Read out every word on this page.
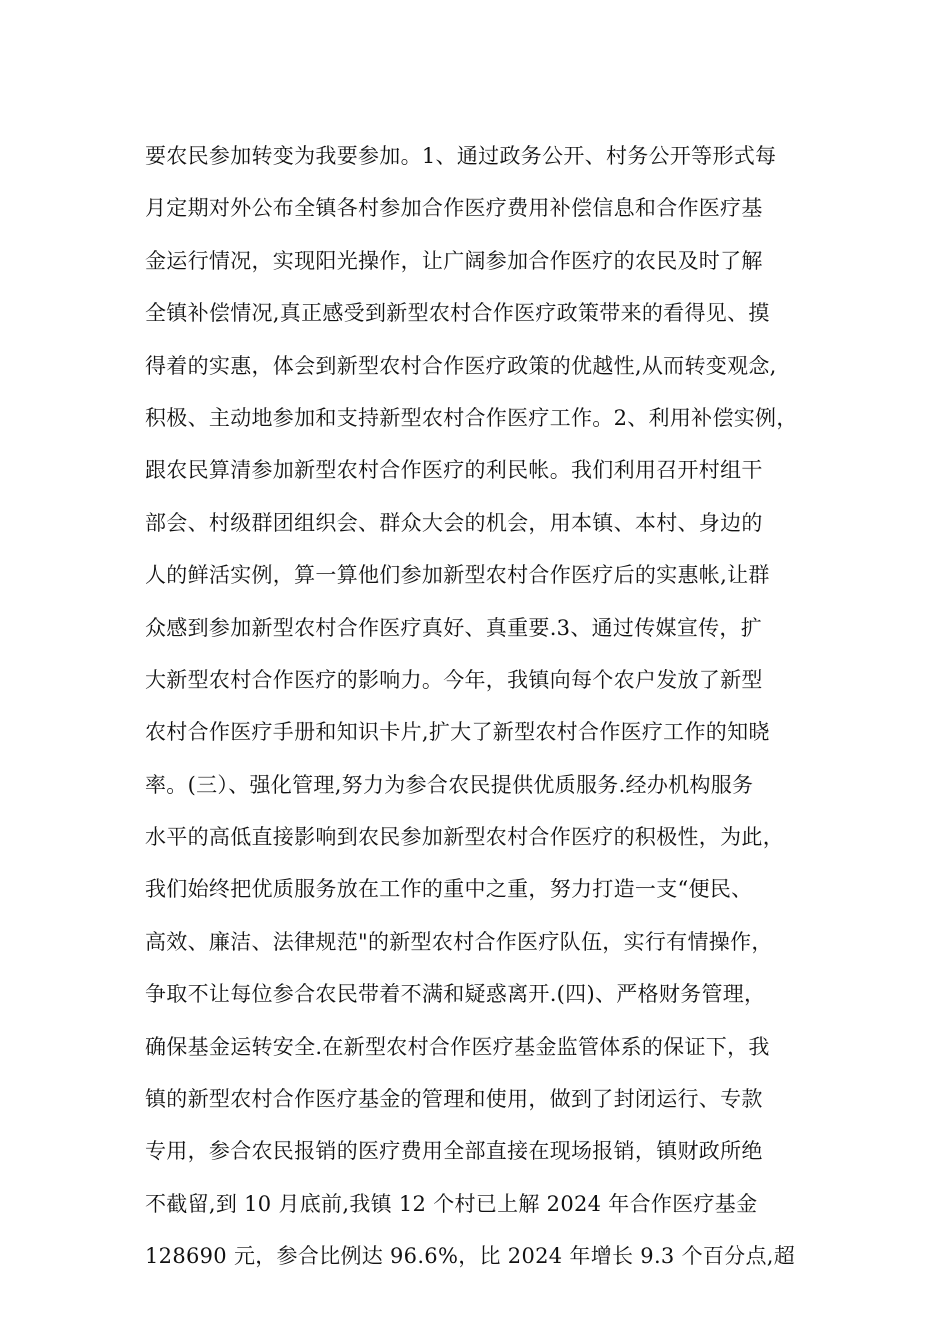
要农民参加转变为我要参加。1、通过政务公开、村务公开等形式每
月定期对外公布全镇各村参加合作医疗费用补偿信息和合作医疗基
金运行情况，实现阳光操作，让广阔参加合作医疗的农民及时了解
全镇补偿情况,真正感受到新型农村合作医疗政策带来的看得见、摸
得着的实惠，体会到新型农村合作医疗政策的优越性,从而转变观念,
积极、主动地参加和支持新型农村合作医疗工作。2、利用补偿实例，
跟农民算清参加新型农村合作医疗的利民帐。我们利用召开村组干
部会、村级群团组织会、群众大会的机会，用本镇、本村、身边的
人的鲜活实例，算一算他们参加新型农村合作医疗后的实惠帐,让群
众感到参加新型农村合作医疗真好、真重要.3、通过传媒宣传，扩
大新型农村合作医疗的影响力。今年，我镇向每个农户发放了新型
农村合作医疗手册和知识卡片,扩大了新型农村合作医疗工作的知晓
率。(三）、强化管理,努力为参合农民提供优质服务.经办机构服务
水平的高低直接影响到农民参加新型农村合作医疗的积极性，为此，
我们始终把优质服务放在工作的重中之重，努力打造一支“便民、
高效、廉洁、法律规范"的新型农村合作医疗队伍，实行有情操作，
争取不让每位参合农民带着不满和疑惑离开.(四)、严格财务管理，
确保基金运转安全.在新型农村合作医疗基金监管体系的保证下，我
镇的新型农村合作医疗基金的管理和使用，做到了封闭运行、专款
专用，参合农民报销的医疗费用全部直接在现场报销，镇财政所绝
不截留,到 10 月底前,我镇 12 个村已上解 2024 年合作医疗基金
128690 元，参合比例达 96.6%，比 2024 年增长 9.3 个百分点,超
